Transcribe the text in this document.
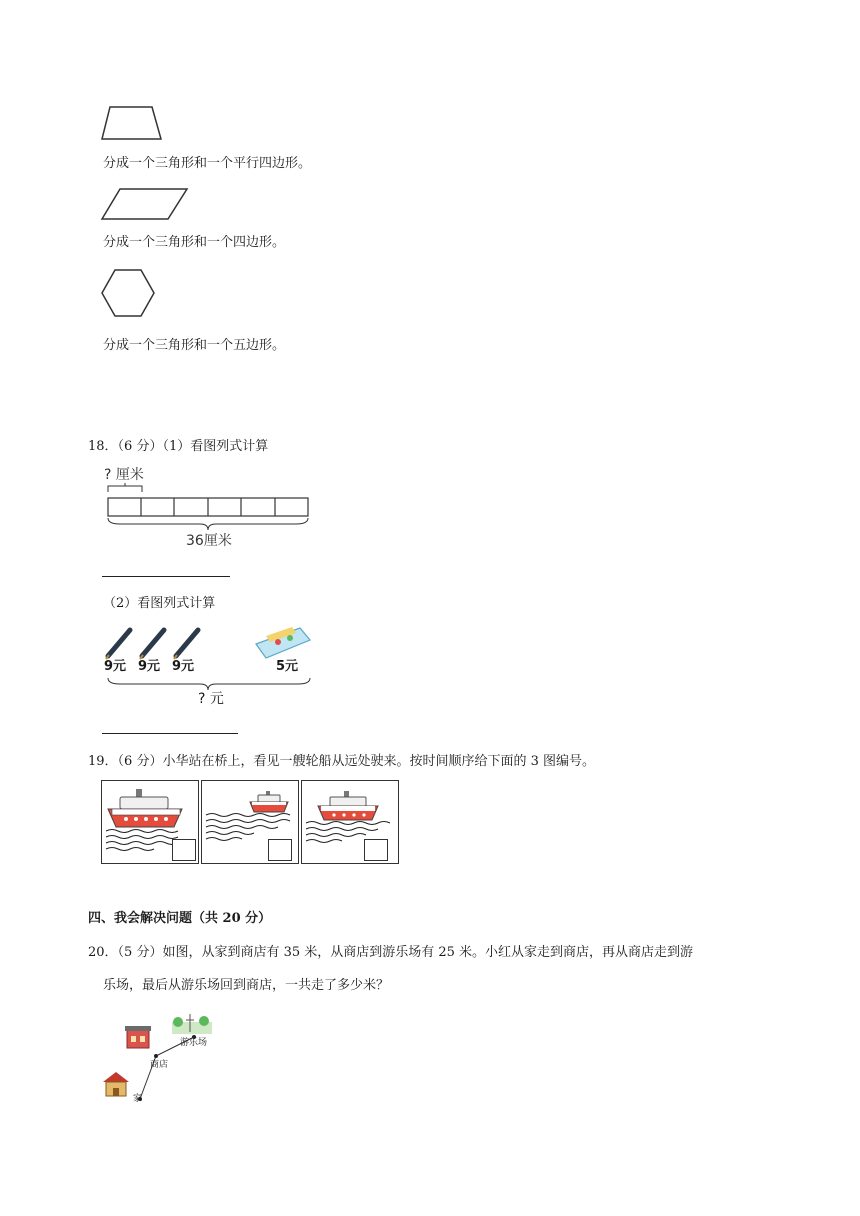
分成一个三角形和一个平行四边形。
分成一个三角形和一个四边形。
分成一个三角形和一个五边形。
18．（6 分）（1）看图列式计算
? 厘米
36厘米
（2）看图列式计算
9元 9元 9元	5元
? 元
19．（6 分）小华站在桥上，看见一艘轮船从远处驶来。按时间顺序给下面的 3 图编号。
四、我会解决问题（共 20 分）
20．（5 分）如图，从家到商店有 35 米，从商店到游乐场有 25 米。小红从家走到商店，再从商店走到游
乐场，最后从游乐场回到商店，一共走了多少米？
游乐场
商店
家
